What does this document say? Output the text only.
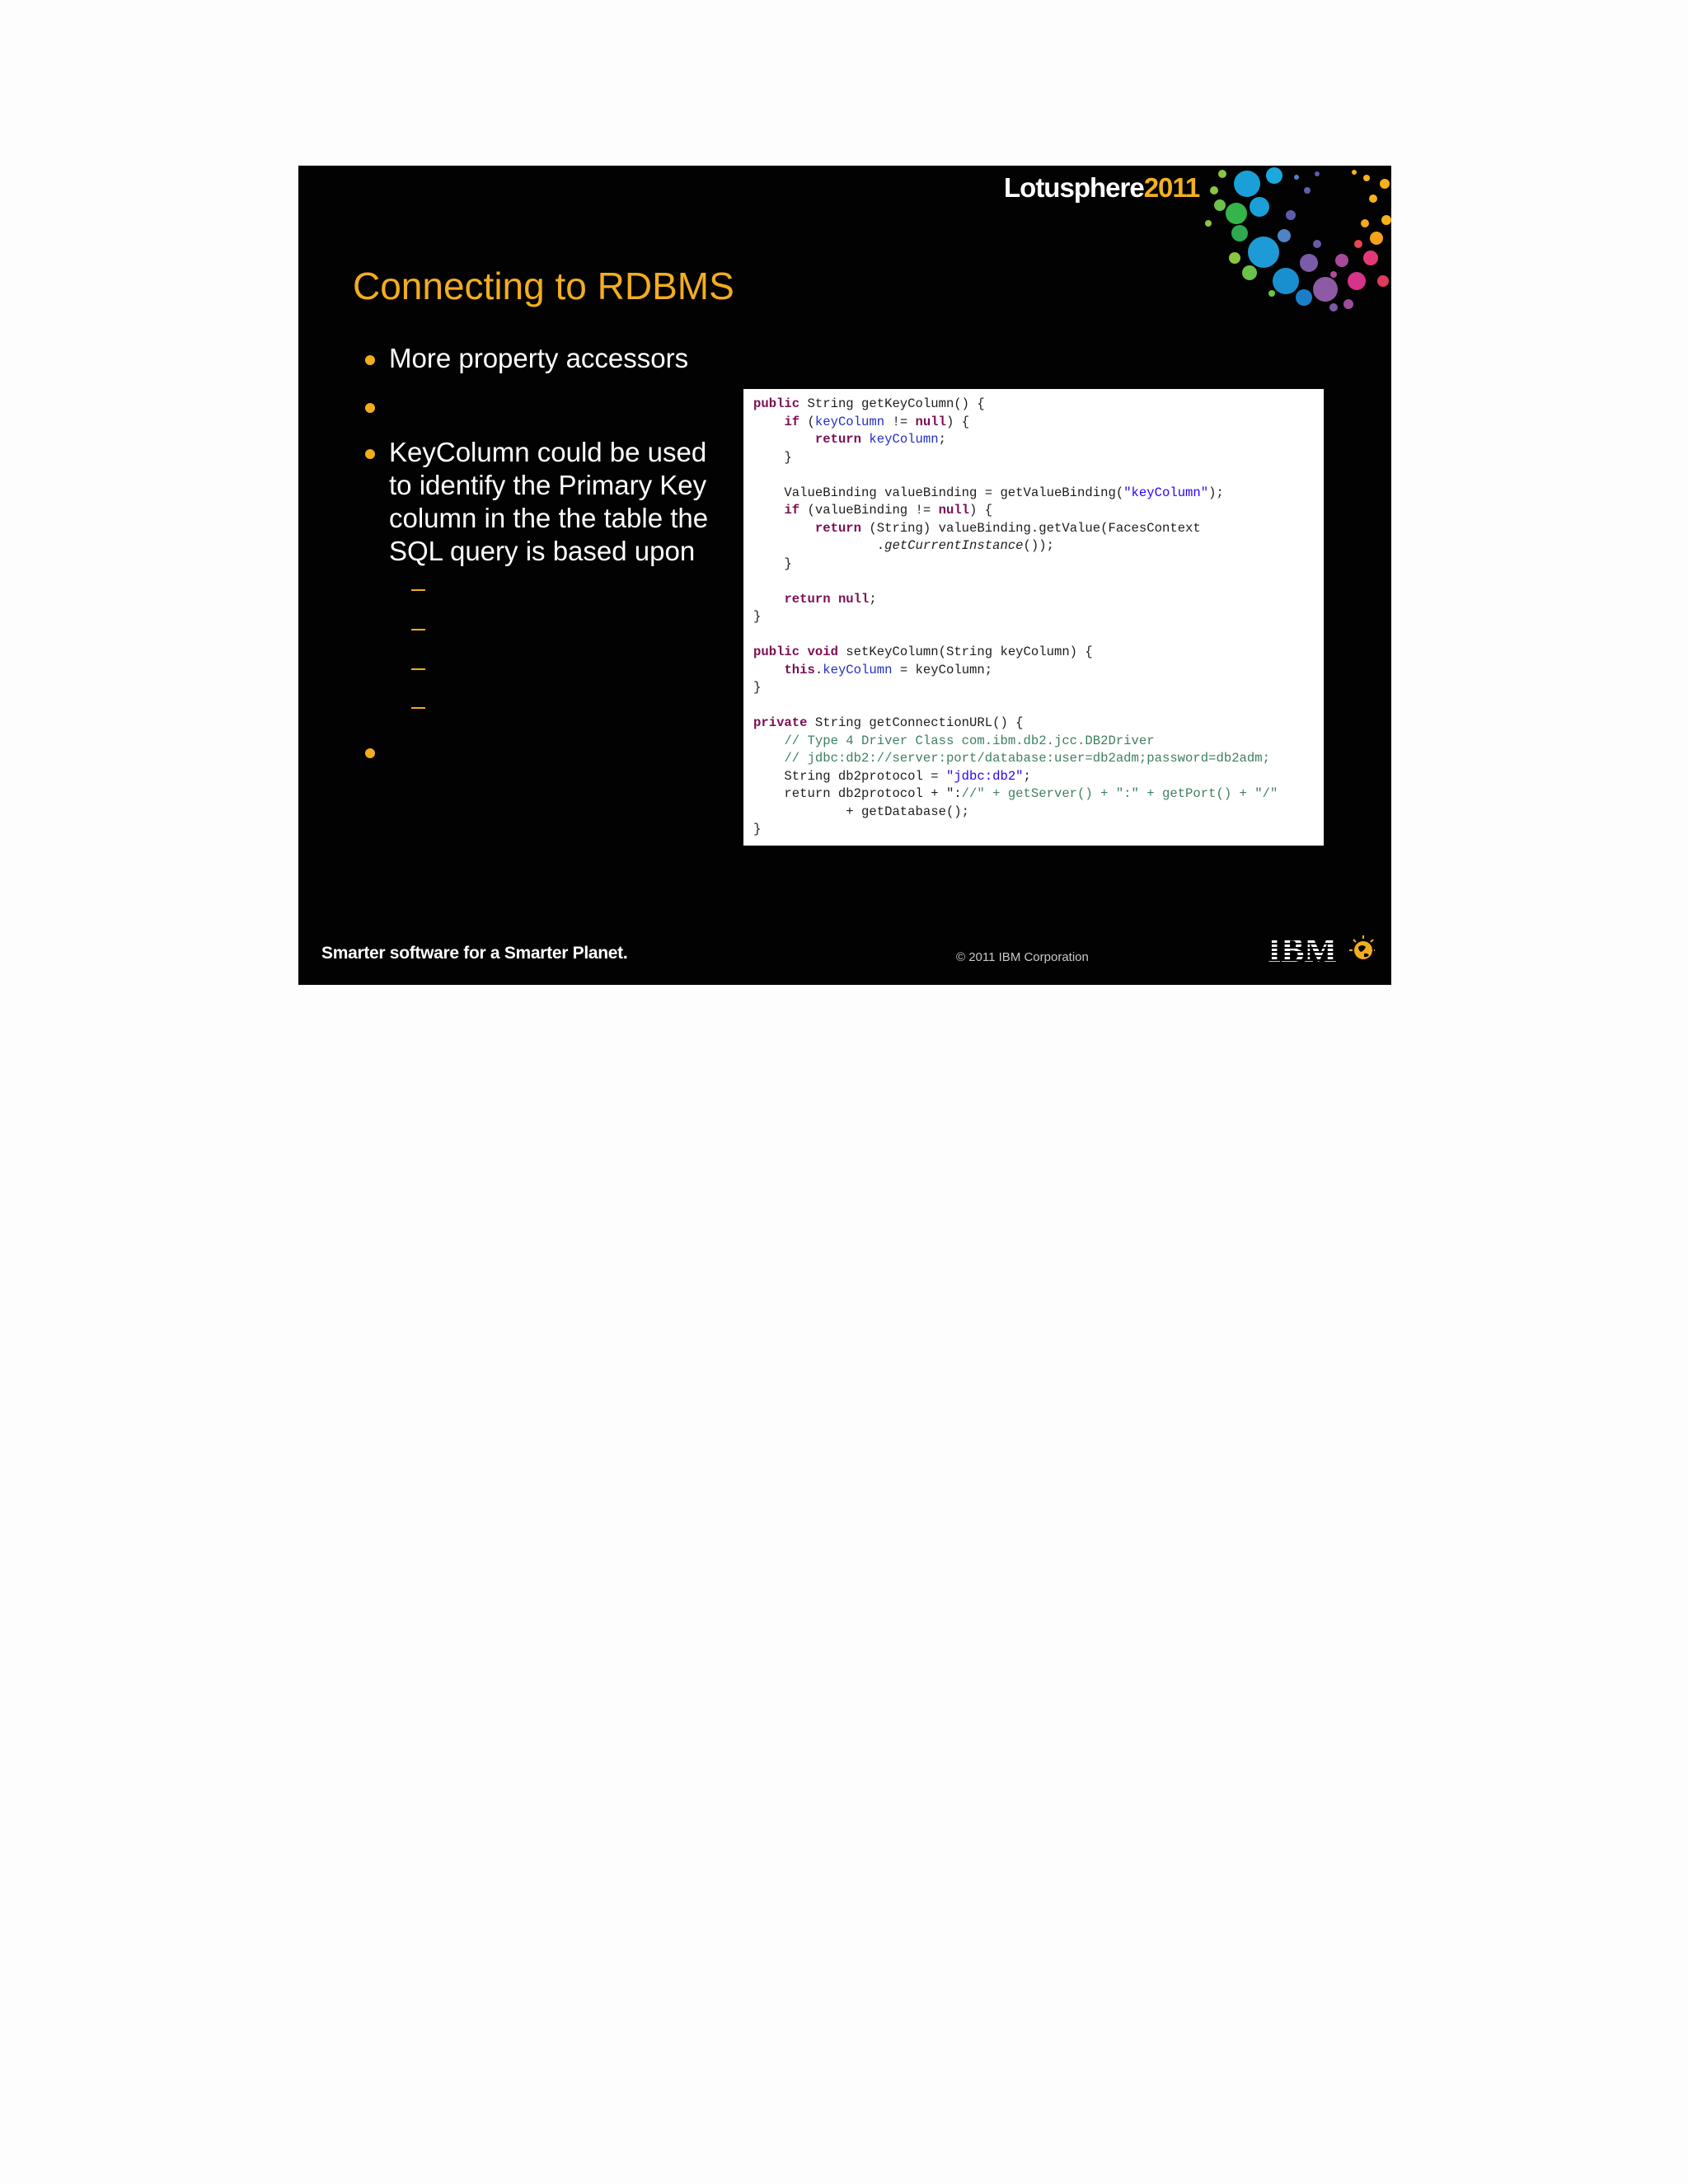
Lotusphere2011
Connecting to RDBMS
More property accessors
KeyColumn could be used to identify the Primary Key column in the the table the SQL query is based upon
public String getKeyColumn() {
if (keyColumn != null) {
return keyColumn;
}

ValueBinding valueBinding = getValueBinding("keyColumn");
if (valueBinding != null) {
return (String) valueBinding.getValue(FacesContext
.getCurrentInstance());
}

return null;
}

public void setKeyColumn(String keyColumn) {
this.keyColumn = keyColumn;
}

private String getConnectionURL() {
// Type 4 Driver Class com.ibm.db2.jcc.DB2Driver
// jdbc:db2://server:port/database:user=db2adm;password=db2adm;
String db2protocol = "jdbc:db2";
return db2protocol + "://" + getServer() + ":" + getPort() + "/"
+ getDatabase();
}
Smarter software for a Smarter Planet.	© 2011 IBM Corporation	IBM
